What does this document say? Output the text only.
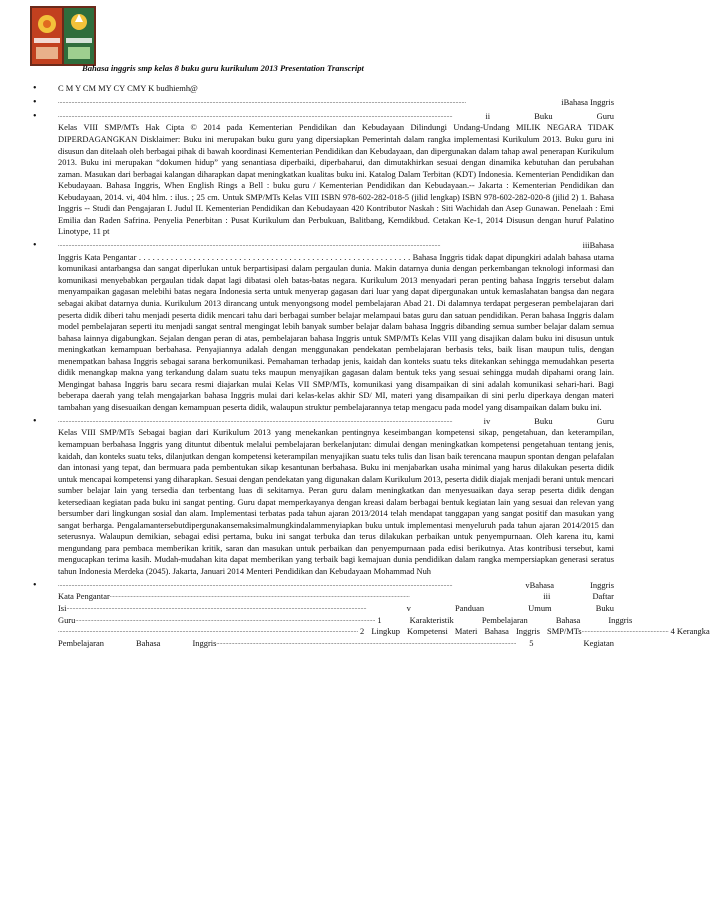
Bahasa inggris smp kelas 8 buku guru kurikulum 2013 Presentation Transcript

• C M Y CM MY CY CMY K budhiemh@

• ................................................................................................................................................................................................................................................................................	iBahasa Inggris
• .......................................................................................................................................................................................................................................................................	ii Buku Guru

Kelas VIII SMP/MTs Hak Cipta © 2014 pada Kementerian Pendidikan dan Kebudayaan Dilindungi Undang-Undang MILIK NEGARA TIDAK DIPERDAGANGKAN Disklaimer: Buku ini merupakan buku guru yang dipersiapkan Pemerintah dalam rangka implementasi Kurikulum 2013. Buku guru ini disusun dan ditelaah oleh berbagai pihak di bawah koordinasi Kementerian Pendidikan dan Kebudayaan, dan dipergunakan dalam tahap awal penerapan Kurikulum 2013. Buku ini merupakan “dokumen hidup” yang senantiasa diperbaiki, diperbaharui, dan dimutakhirkan sesuai dengan dinamika kebutuhan dan perubahan zaman. Masukan dari berbagai kalangan diharapkan dapat meningkatkan kualitas buku ini. Katalog Dalam Terbitan (KDT) Indonesia. Kementerian Pendidikan dan Kebudayaan. Bahasa Inggris, When English Rings a Bell : buku guru / Kementerian Pendidikan dan Kebudayaan.-- Jakarta : Kementerian Pendidikan dan Kebudayaan, 2014. vi, 404 hlm. : ilus. ; 25 cm. Untuk SMP/MTs Kelas VIII ISBN 978-602-282-018-5 (jilid lengkap) ISBN 978-602-282-020-8 (jilid 2) 1. Bahasa Inggris -- Studi dan Pengajaran I. Judul II. Kementerian Pendidikan dan Kebudayaan 420 Kontributor Naskah : Siti Wachidah dan Asep Gunawan. Penelaah : Emi Emilia dan Raden Safrina. Penyelia Penerbitan : Pusat Kurikulum dan Perbukuan, Balitbang, Kemdikbud. Cetakan Ke-1, 2014 Disusun dengan huruf Palatino Linotype, 11 pt

• ...............................................................................................................................................................................................................................................................	iiiBahasa

Inggris Kata Pengantar . . . . . . . . . . . . . . . . . . . . . . . . . . . . . . . . . . . . . . . . . . . . . . . . . . . . . . . . . . . . Bahasa Inggris tidak dapat dipungkiri adalah bahasa utama komunikasi antarbangsa dan sangat diperlukan untuk berpartisipasi dalam pergaulan dunia. Makin datarnya dunia dengan perkembangan teknologi informasi dan komunikasi menyebabkan pergaulan tidak dapat lagi dibatasi oleh batas-batas negara. Kurikulum 2013 menyadari peran penting bahasa Inggris tersebut dalam menyampaikan gagasan melebihi batas negara Indonesia serta untuk menyerap gagasan dari luar yang dapat dipergunakan untuk kemaslahatan bangsa dan negara sebagai akibat datarnya dunia. Kurikulum 2013 dirancang untuk menyongsong model pembelajaran Abad 21. Di dalamnya terdapat pergeseran pembelajaran dari peserta didik diberi tahu menjadi peserta didik mencari tahu dari berbagai sumber belajar melampaui batas guru dan satuan pendidikan. Peran bahasa Inggris dalam model pembelajaran seperti itu menjadi sangat sentral mengingat lebih banyak sumber belajar dalam bahasa Inggris dibanding semua sumber belajar dalam semua bahasa lainnya digabungkan. Sejalan dengan peran di atas, pembelajaran bahasa Inggris untuk SMP/MTs Kelas VIII yang disajikan dalam buku ini disusun untuk meningkatkan kemampuan berbahasa. Penyajiannya adalah dengan menggunakan pendekatan pembelajaran berbasis teks, baik lisan maupun tulis, dengan menempatkan bahasa Inggris sebagai sarana berkomunikasi. Pemahaman terhadap jenis, kaidah dan konteks suatu teks ditekankan sehingga memudahkan peserta didik menangkap makna yang terkandung dalam suatu teks maupun menyajikan gagasan dalam bentuk teks yang sesuai sehingga mudah dipahami orang lain. Mengingat bahasa Inggris baru secara resmi diajarkan mulai Kelas VII SMP/MTs, komunikasi yang disampaikan di sini adalah komunikasi sehari-hari. Bagi beberapa daerah yang telah mengajarkan bahasa Inggris mulai dari kelas-kelas akhir SD/ MI, materi yang disampaikan di sini perlu diperkaya dengan materi tambahan yang disesuaikan dengan kemampuan peserta didik, walaupun struktur pembelajarannya tetap mengacu pada model yang disampaikan dalam buku ini.

• .......................................................................................................................................................................................................................................................................	iv Buku Guru

Kelas VIII SMP/MTs Sebagai bagian dari Kurikulum 2013 yang menekankan pentingnya keseimbangan kompetensi sikap, pengetahuan, dan keterampilan, kemampuan berbahasa Inggris yang dituntut dibentuk melalui pembelajaran berkelanjutan: dimulai dengan meningkatkan kompetensi pengetahuan tentang jenis, kaidah, dan konteks suatu teks, dilanjutkan dengan kompetensi keterampilan menyajikan suatu teks tulis dan lisan baik terencana maupun spontan dengan pelafalan dan intonasi yang tepat, dan bermuara pada pembentukan sikap kesantunan berbahasa. Buku ini menjabarkan usaha minimal yang harus dilakukan peserta didik untuk mencapai kompetensi yang diharapkan. Sesuai dengan pendekatan yang digunakan dalam Kurikulum 2013, peserta didik diajak menjadi berani untuk mencari sumber belajar lain yang tersedia dan terbentang luas di sekitarnya. Peran guru dalam meningkatkan dan menyesuaikan daya serap peserta didik dengan ketersediaan kegiatan pada buku ini sangat penting. Guru dapat memperkayanya dengan kreasi dalam berbagai bentuk kegiatan lain yang sesuai dan relevan yang bersumber dari lingkungan sosial dan alam. Implementasi terbatas pada tahun ajaran 2013/2014 telah mendapat tanggapan yang sangat positif dan masukan yang sangat berharga. Pengalamantersebutdipergunakansemaksimalmungkindalammenyiapkan buku untuk implementasi menyeluruh pada tahun ajaran 2014/2015 dan seterusnya. Walaupun demikian, sebagai edisi pertama, buku ini sangat terbuka dan terus dilakukan perbaikan untuk penyempurnaan. Oleh karena itu, kami mengundang para pembaca memberikan kritik, saran dan masukan untuk perbaikan dan penyempurnaan pada edisi berikutnya. Atas kontribusi tersebut, kami mengucapkan terima kasih. Mudah-mudahan kita dapat memberikan yang terbaik bagi kemajuan dunia pendidikan dalam rangka mempersiapkan generasi seratus tahun Indonesia Merdeka (2045). Jakarta, Januari 2014 Menteri Pendidikan dan Kebudayaan Mohammad Nuh

• .......................................................................................................................................................................................................................................................................	vBahasa Inggris
Kata Pengantar ........................................................................................................................................................................................................	iii Daftar
Isi ........................................................................................................................................................................................................	v Panduan Umum Buku
Guru ........................................................................................................................................................................................................ 1 Karakteristik Pembelajaran Bahasa Inggris
........................................................................................................................................................................................................ 2 Lingkup Kompetensi Materi Bahasa Inggris SMP/MTs .......................................................... 4 Kerangka
Pembelajaran Bahasa Inggris ........................................................................................................................................................................................................	5 Kegiatan
